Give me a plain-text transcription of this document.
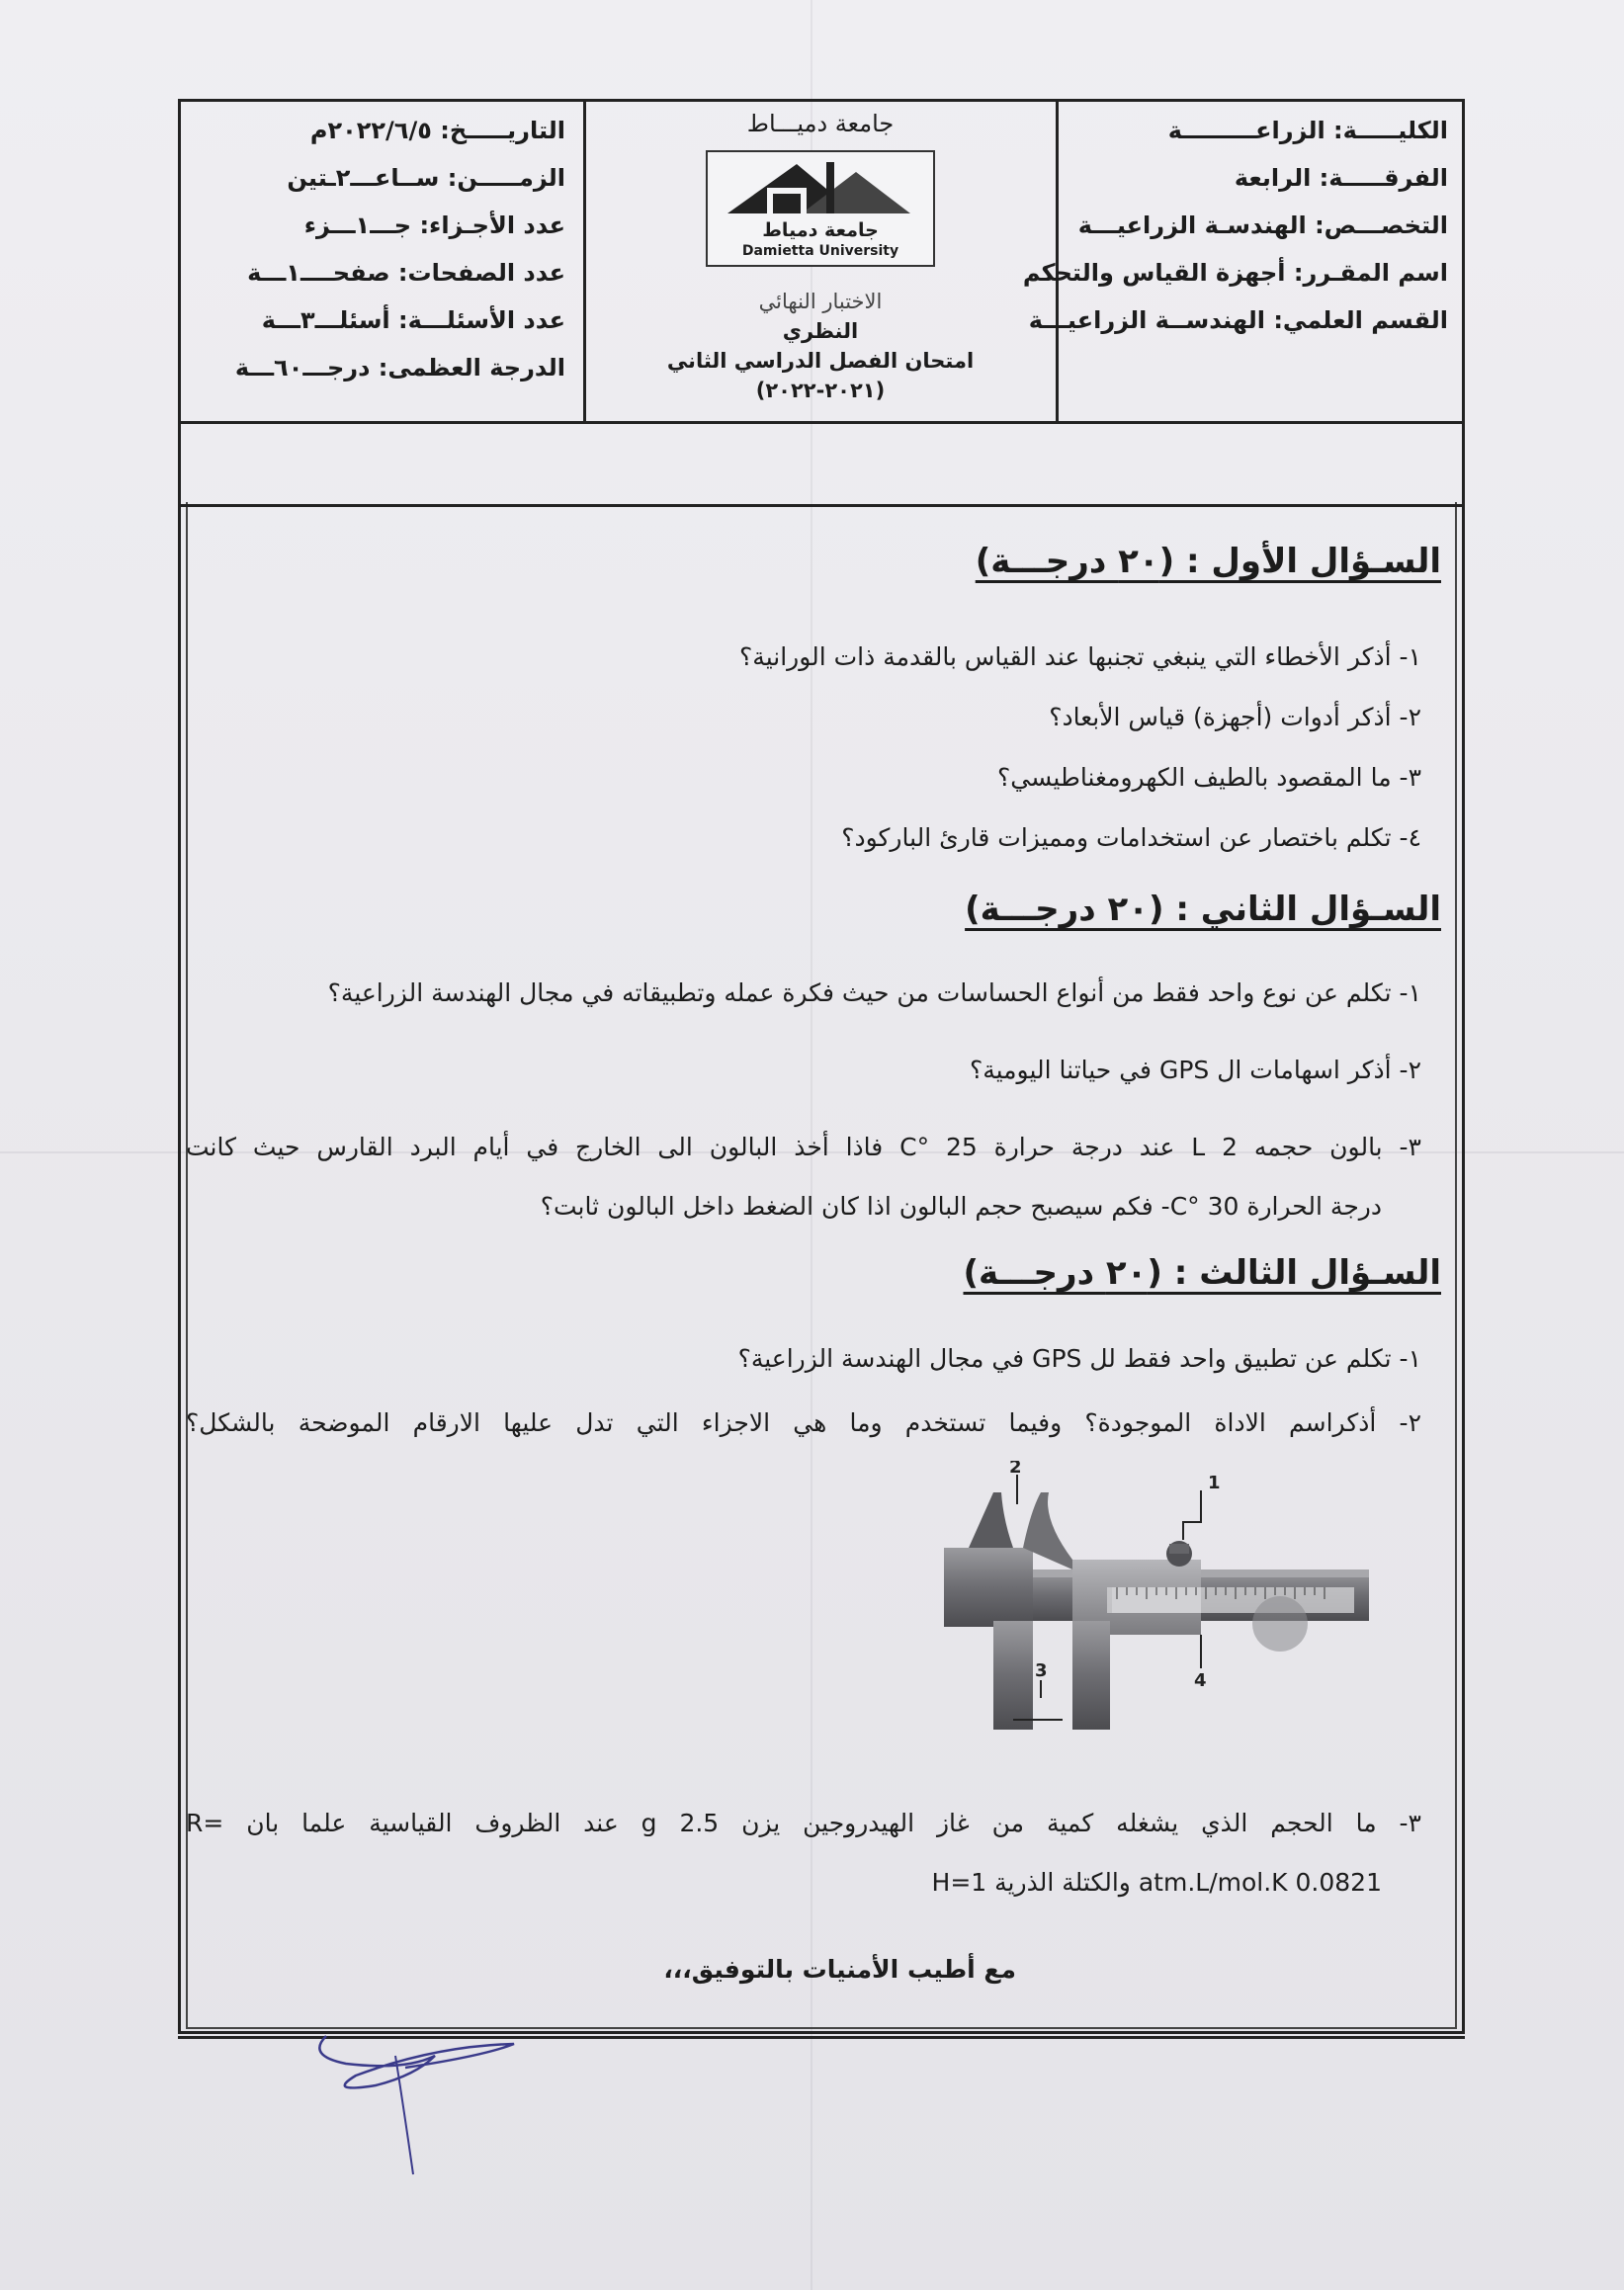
الكليـــــة: الزراعـــــــــة
الفرقـــــة: الرابعة
التخصـــص: الهندسـة الزراعيـــة
اسم المقـرر: أجهزة القياس والتحكم
القسم العلمي: الهندســة الزراعيـــة
جامعة دميـــاط
جامعة دمياط
Damietta University
الاختبار النهائي
النظري
امتحان الفصل الدراسي الثاني
(٢٠٢١-٢٠٢٢)
التاريـــــخ: ٢٠٢٢/٦/٥م
الزمـــــن: ســاعـــ٢ـتين
عدد الأجـزاء: جـــ١ـــزء
عدد الصفحات: صفحــــ١ـــة
عدد الأسئلـــة: أسئلـــ٣ـــة
الدرجة العظمى: درجـــ٦٠ـــة
السـؤال الأول : (٢٠ درجـــة)
١- أذكر الأخطاء التي ينبغي تجنبها عند القياس بالقدمة ذات الورانية؟
٢- أذكر أدوات (أجهزة) قياس الأبعاد؟
٣- ما المقصود بالطيف الكهرومغناطيسي؟
٤- تكلم باختصار عن استخدامات ومميزات قارئ الباركود؟
السـؤال الثاني : (٢٠ درجـــة)
١- تكلم عن نوع واحد فقط من أنواع الحساسات من حيث فكرة عمله وتطبيقاته في مجال الهندسة الزراعية؟
٢- أذكر اسهامات ال GPS في حياتنا اليومية؟
٣- بالون حجمه 2 L عند درجة حرارة 25 °C فاذا أخذ البالون الى الخارج في أيام البرد القارس حيث كانت
درجة الحرارة 30 °C- فكم سيصبح حجم البالون اذا كان الضغط داخل البالون ثابت؟
السـؤال الثالث : (٢٠ درجـــة)
١- تكلم عن تطبيق واحد فقط لل GPS في مجال الهندسة الزراعية؟
٢- أذكراسم الاداة الموجودة؟ وفيما تستخدم وما هي الاجزاء التي تدل عليها الارقام الموضحة بالشكل؟
1
2
3	4
٣- ما الحجم الذي يشغله كمية من غاز الهيدروجين يزن 2.5 g عند الظروف القياسية علما بان =R
0.0821 atm.L/mol.K والكتلة الذرية H=1
مع أطيب الأمنيات بالتوفيق،،،
